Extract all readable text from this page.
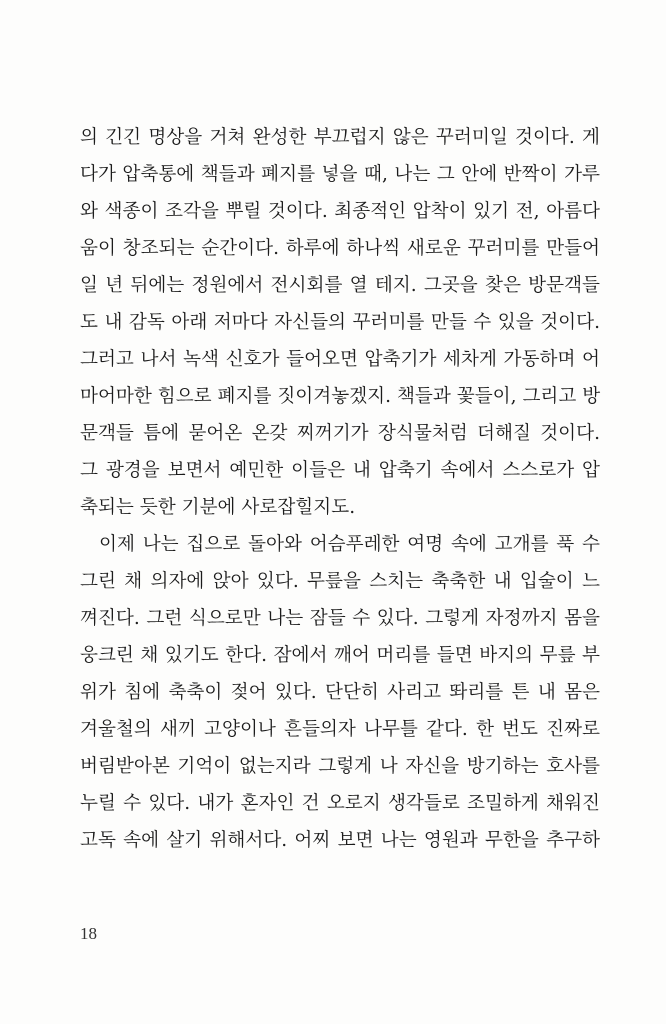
의 긴긴 명상을 거쳐 완성한 부끄럽지 않은 꾸러미일 것이다. 게
다가 압축통에 책들과 폐지를 넣을 때, 나는 그 안에 반짝이 가루
와 색종이 조각을 뿌릴 것이다. 최종적인 압착이 있기 전, 아름다
움이 창조되는 순간이다. 하루에 하나씩 새로운 꾸러미를 만들어
일 년 뒤에는 정원에서 전시회를 열 테지. 그곳을 찾은 방문객들
도 내 감독 아래 저마다 자신들의 꾸러미를 만들 수 있을 것이다.
그러고 나서 녹색 신호가 들어오면 압축기가 세차게 가동하며 어
마어마한 힘으로 폐지를 짓이겨놓겠지. 책들과 꽃들이, 그리고 방
문객들 틈에 묻어온 온갖 찌꺼기가 장식물처럼 더해질 것이다.
그 광경을 보면서 예민한 이들은 내 압축기 속에서 스스로가 압
축되는 듯한 기분에 사로잡힐지도.
이제 나는 집으로 돌아와 어슴푸레한 여명 속에 고개를 푹 수
그린 채 의자에 앉아 있다. 무릎을 스치는 축축한 내 입술이 느
껴진다. 그런 식으로만 나는 잠들 수 있다. 그렇게 자정까지 몸을
웅크린 채 있기도 한다. 잠에서 깨어 머리를 들면 바지의 무릎 부
위가 침에 축축이 젖어 있다. 단단히 사리고 똬리를 튼 내 몸은
겨울철의 새끼 고양이나 흔들의자 나무틀 같다. 한 번도 진짜로
버림받아본 기억이 없는지라 그렇게 나 자신을 방기하는 호사를
누릴 수 있다. 내가 혼자인 건 오로지 생각들로 조밀하게 채워진
고독 속에 살기 위해서다. 어찌 보면 나는 영원과 무한을 추구하
18
